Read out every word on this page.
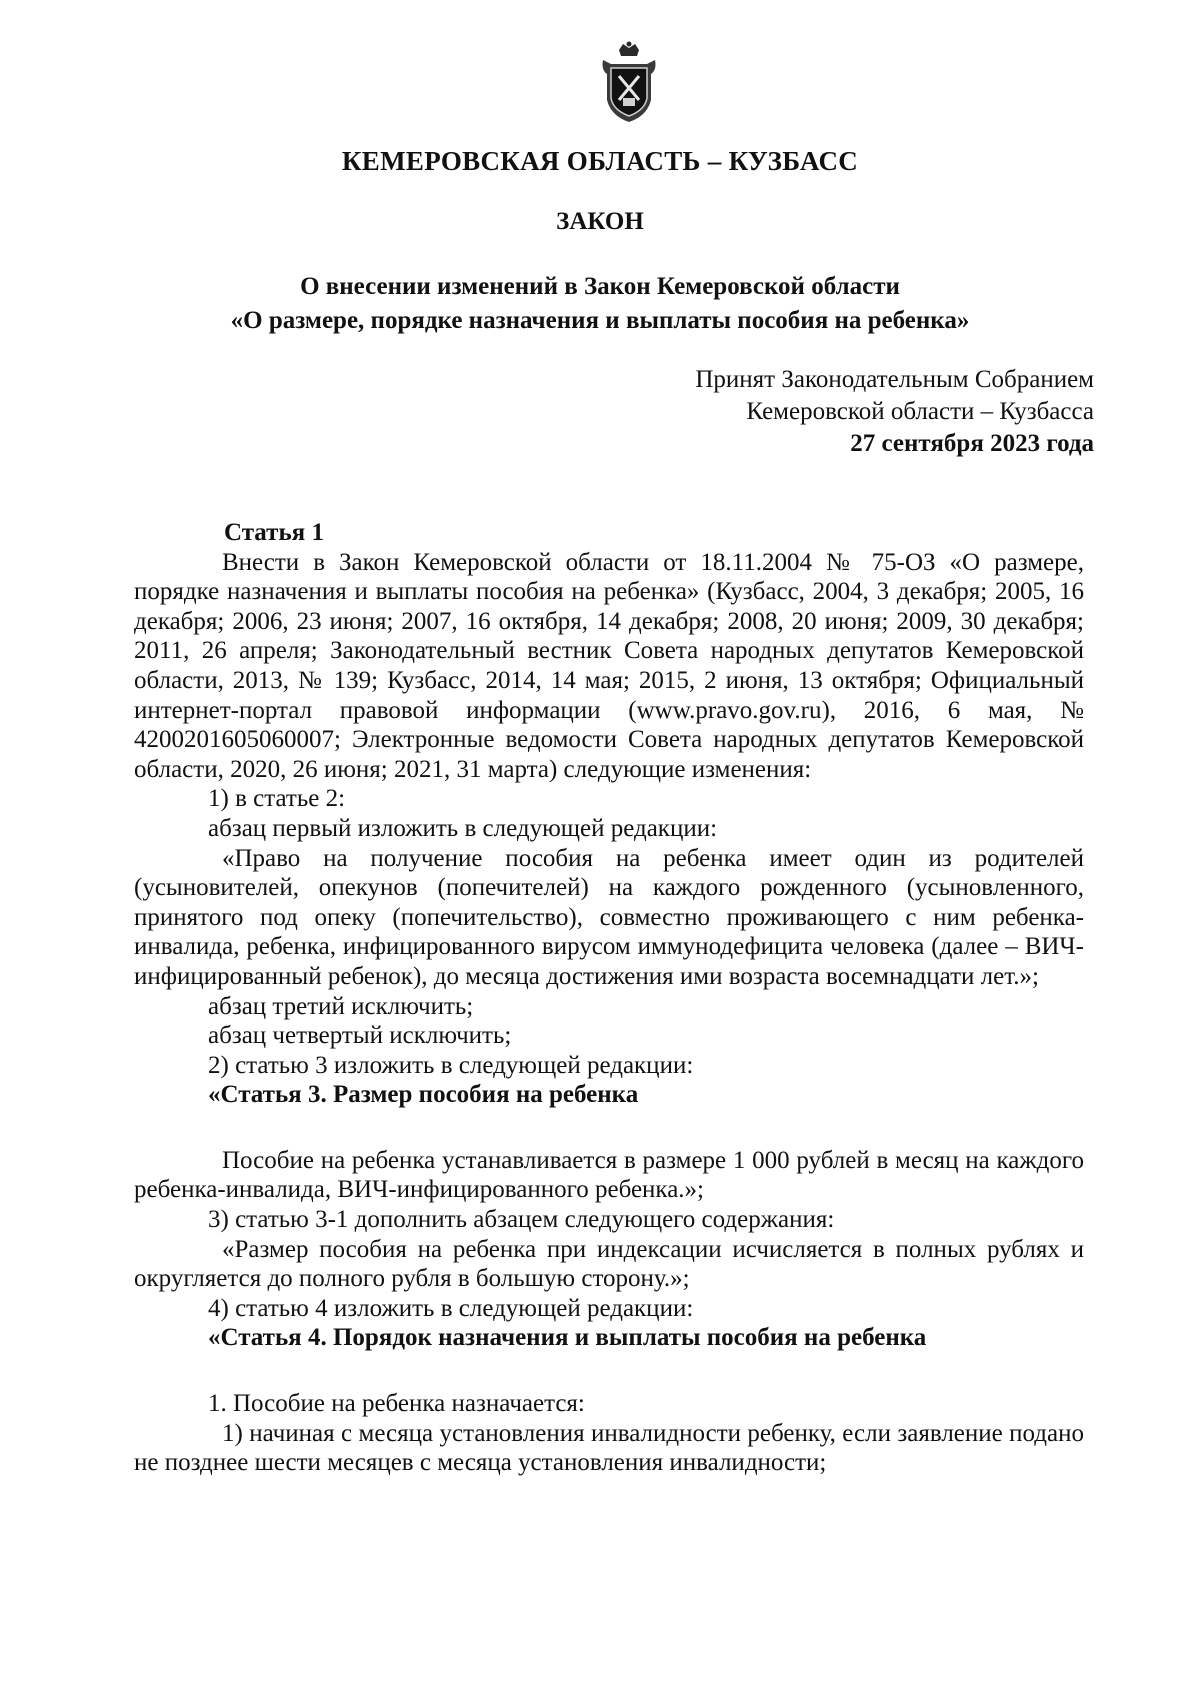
КЕМЕРОВСКАЯ ОБЛАСТЬ – КУЗБАСС
ЗАКОН
О внесении изменений в Закон Кемеровской области
«О размере, порядке назначения и выплаты пособия на ребенка»
Принят Законодательным Собранием
Кемеровской области – Кузбасса
27 сентября 2023 года
Статья 1

Внести в Закон Кемеровской области от 18.11.2004 № 75-ОЗ «О размере, порядке назначения и выплаты пособия на ребенка» (Кузбасс, 2004, 3 декабря; 2005, 16 декабря; 2006, 23 июня; 2007, 16 октября, 14 декабря; 2008, 20 июня; 2009, 30 декабря; 2011, 26 апреля; Законодательный вестник Совета народных депутатов Кемеровской области, 2013, № 139; Кузбасс, 2014, 14 мая; 2015, 2 июня, 13 октября; Официальный интернет-портал правовой информации (www.pravo.gov.ru), 2016, 6 мая, № 4200201605060007; Электронные ведомости Совета народных депутатов Кемеровской области, 2020, 26 июня; 2021, 31 марта) следующие изменения:

1) в статье 2:

абзац первый изложить в следующей редакции:

«Право на получение пособия на ребенка имеет один из родителей (усыновителей, опекунов (попечителей) на каждого рожденного (усыновленного, принятого под опеку (попечительство), совместно проживающего с ним ребенка-инвалида, ребенка, инфицированного вирусом иммунодефицита человека (далее – ВИЧ-инфицированный ребенок), до месяца достижения ими возраста восемнадцати лет.»;

абзац третий исключить;

абзац четвертый исключить;

2) статью 3 изложить в следующей редакции:

«Статья 3. Размер пособия на ребенка

Пособие на ребенка устанавливается в размере 1 000 рублей в месяц на каждого ребенка-инвалида, ВИЧ-инфицированного ребенка.»;

3) статью 3-1 дополнить абзацем следующего содержания:

«Размер пособия на ребенка при индексации исчисляется в полных рублях и округляется до полного рубля в большую сторону.»;

4) статью 4 изложить в следующей редакции:

«Статья 4. Порядок назначения и выплаты пособия на ребенка

1. Пособие на ребенка назначается:

1) начиная с месяца установления инвалидности ребенку, если заявление подано не позднее шести месяцев с месяца установления инвалидности;
